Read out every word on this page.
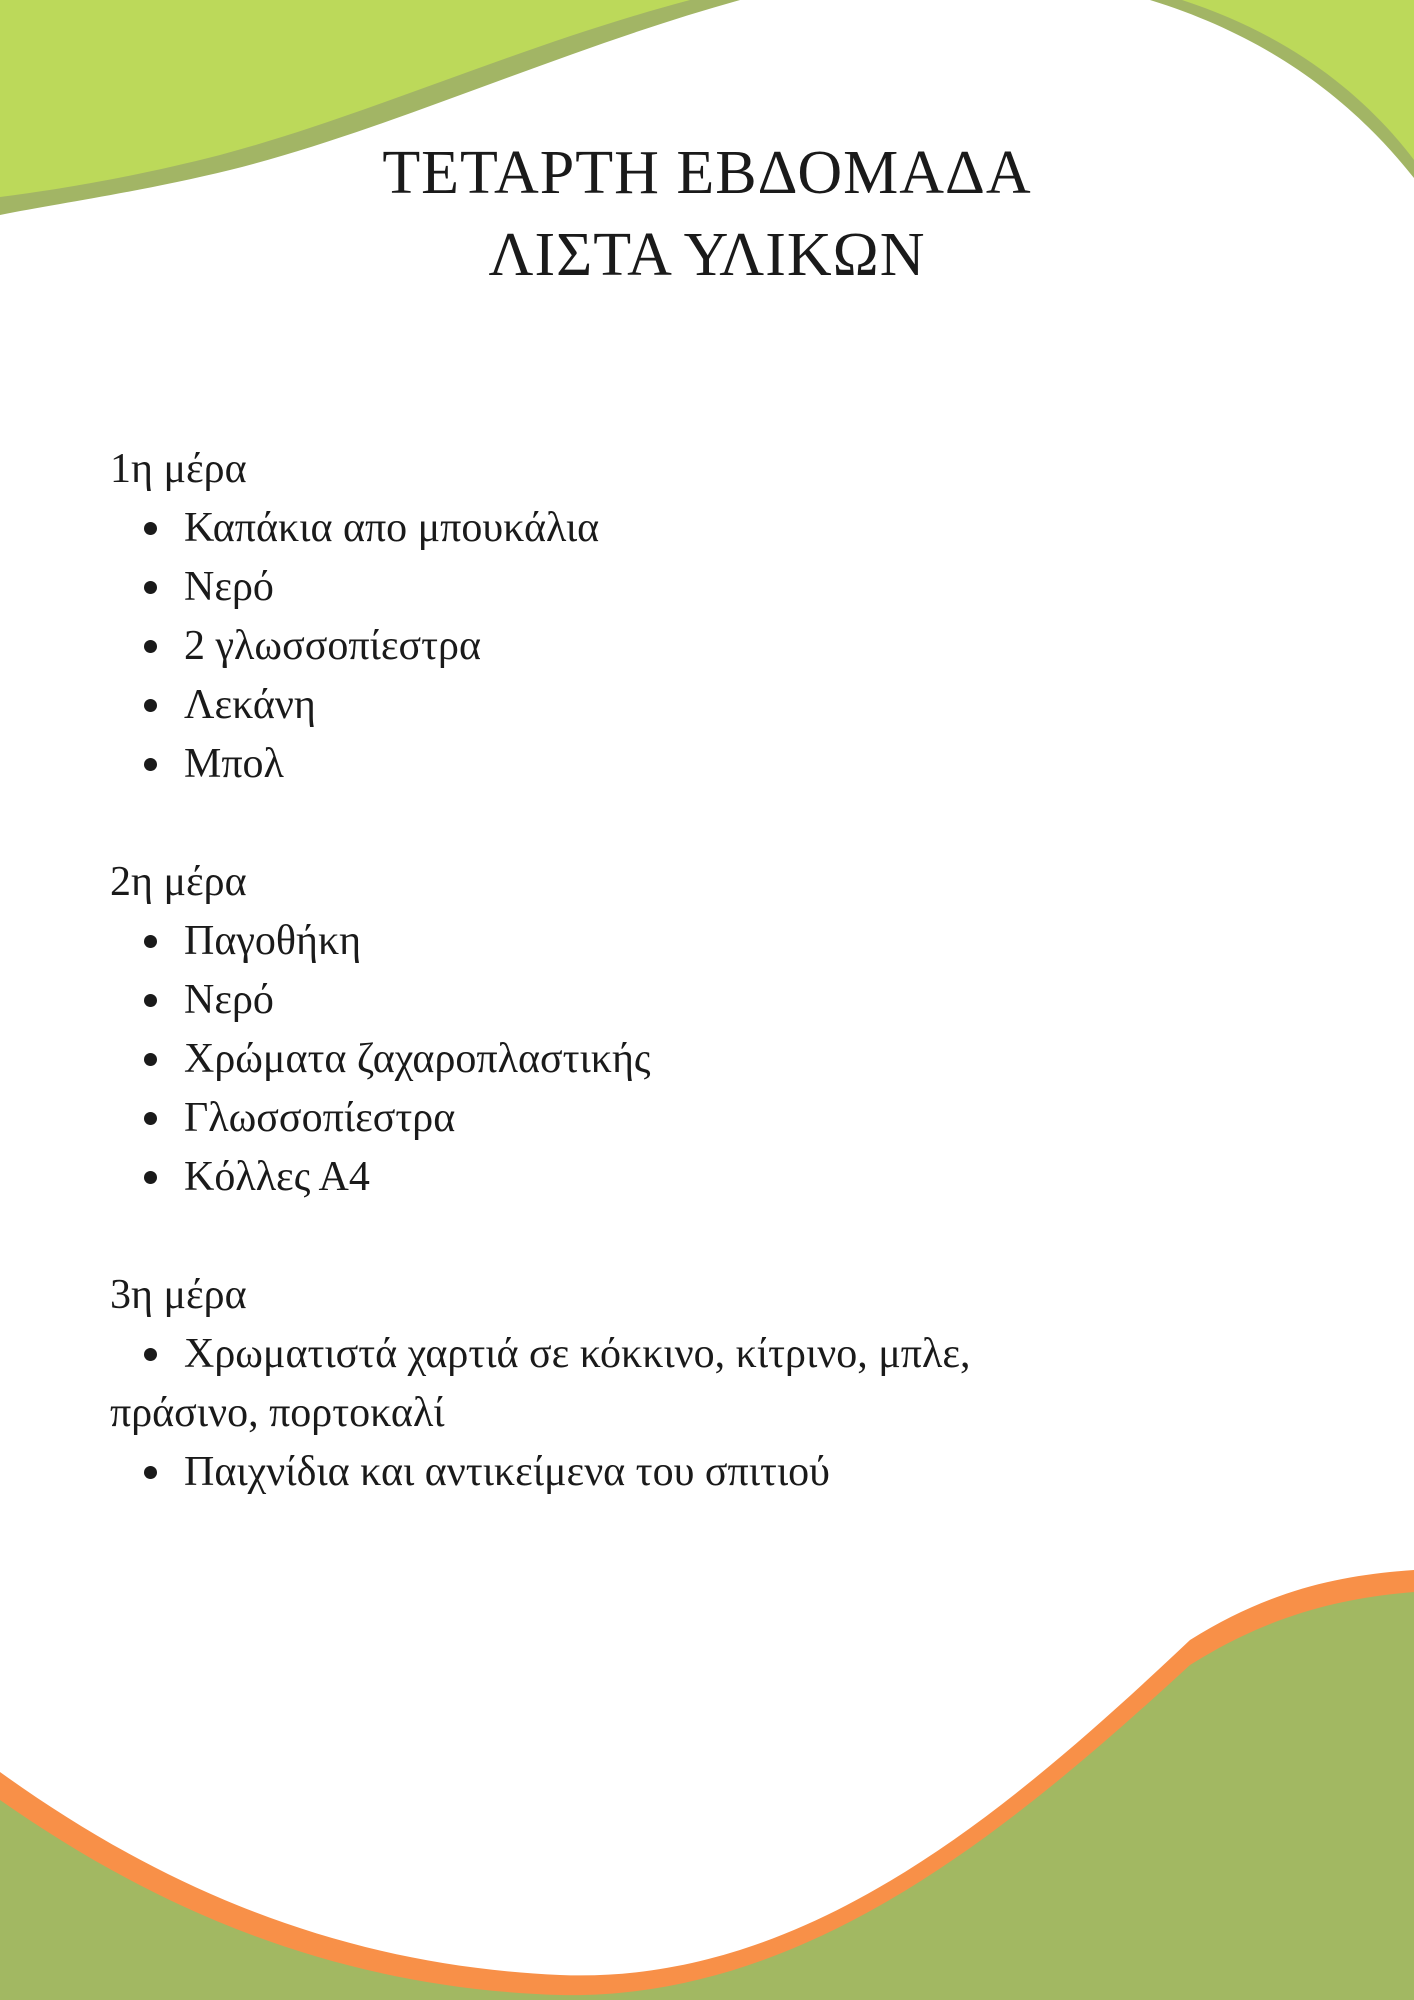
ΤΕΤΑΡΤΗ ΕΒΔΟΜΑΔΑ
ΛΙΣΤΑ ΥΛΙΚΩΝ

1η μέρα

Καπάκια απο μπουκάλια
Νερό
2 γλωσσοπίεστρα
Λεκάνη
Μπολ

2η μέρα

Παγοθήκη
Νερό
Χρώματα ζαχαροπλαστικής
Γλωσσοπίεστρα
Κόλλες Α4

3η μέρα

Χρωματιστά χαρτιά σε κόκκινο, κίτρινο, μπλε, πράσινο, πορτοκαλί
Παιχνίδια και αντικείμενα του σπιτιού
